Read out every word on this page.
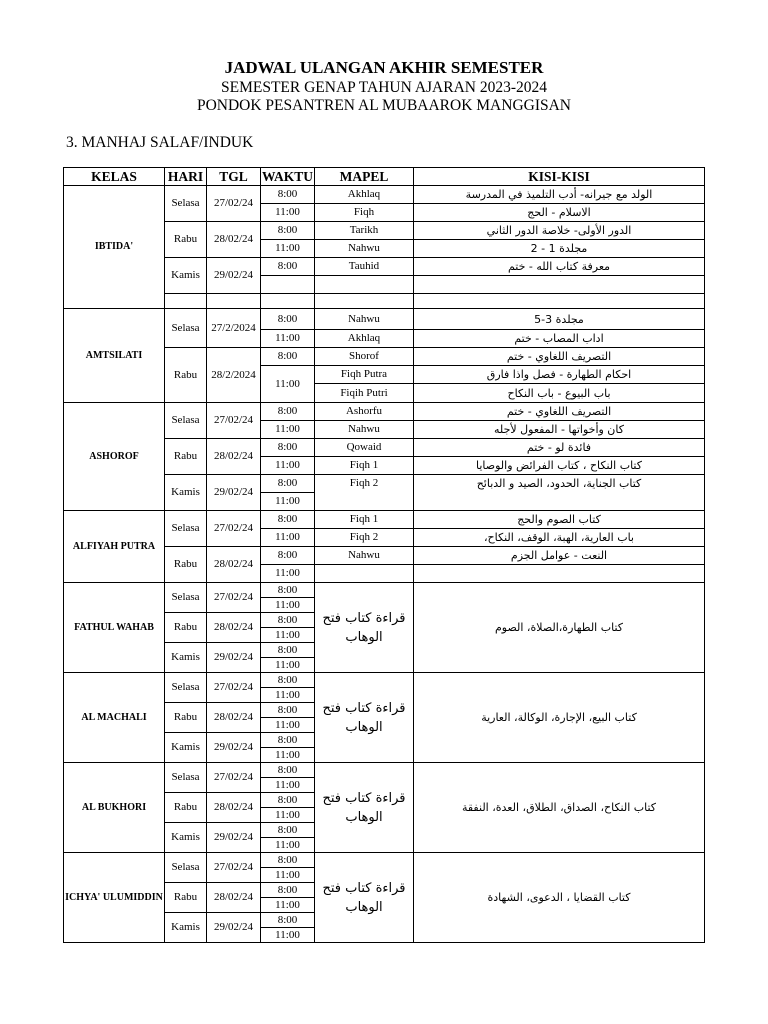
JADWAL ULANGAN AKHIR SEMESTER
SEMESTER GENAP TAHUN AJARAN 2023-2024
PONDOK PESANTREN AL MUBAAROK MANGGISAN
3. MANHAJ SALAF/INDUK
KELAS	HARI	TGL	WAKTU	MAPEL	KISI-KISI
IBTIDA'	Selasa	27/02/24	8:00	Akhlaq	الولد مع جيرانه- أدب التلميذ في المدرسة
			11:00	Fiqh	الاسلام - الحج
	Rabu	28/02/24	8:00	Tarikh	الدور الأولى- خلاصة الدور الثاني
			11:00	Nahwu	مجلدة 1 - 2
	Kamis	29/02/24	8:00	Tauhid	معرفة كتاب الله - ختم

AMTSILATI	Selasa	27/2/2024	8:00	Nahwu	مجلدة 3-5
			11:00	Akhlaq	اداب المصاب - ختم
	Rabu	28/2/2024	8:00	Shorof	التصريف اللغاوي - ختم
			11:00	Fiqh Putra	احكام الطهارة - فصل واذا فارق
				Fiqih Putri	باب البيوع - باب النكاح
ASHOROF	Selasa	27/02/24	8:00	Ashorfu	التصريف اللغاوي - ختم
			11:00	Nahwu	كان وأخواتها - المفعول لأجله
	Rabu	28/02/24	8:00	Qowaid	فائدة لو - ختم
			11:00	Fiqh 1	كتاب النكاح ، كتاب الفرائض والوصايا
	Kamis	29/02/24	8:00	Fiqh 2	كتاب الجناية، الحدود، الصيد و الدبائح
			11:00		
ALFIYAH PUTRA	Selasa	27/02/24	8:00	Fiqh 1	كتاب الصوم والحج
			11:00	Fiqh 2	باب العارية، الهبة، الوقف، النكاح،
	Rabu	28/02/24	8:00	Nahwu	النعت - عوامل الجزم
			11:00		
FATHUL WAHAB	Selasa	27/02/24	8:00	قراءة كتاب فتح الوهاب	كتاب الطهارة،الصلاة، الصوم
			11:00		
	Rabu	28/02/24	8:00		
			11:00		
	Kamis	29/02/24	8:00		
			11:00		
AL MACHALI	Selasa	27/02/24	8:00	قراءة كتاب فتح الوهاب	كتاب البيع، الإجارة، الوكالة، العارية
			11:00		
	Rabu	28/02/24	8:00		
			11:00		
	Kamis	29/02/24	8:00		
			11:00		
AL BUKHORI	Selasa	27/02/24	8:00	قراءة كتاب فتح الوهاب	كتاب النكاح، الصداق، الطلاق، العدة، النفقة
			11:00		
	Rabu	28/02/24	8:00		
			11:00		
	Kamis	29/02/24	8:00		
			11:00		
ICHYA' ULUMIDDIN	Selasa	27/02/24	8:00	قراءة كتاب فتح الوهاب	كتاب القضايا ، الدعوى، الشهادة
			11:00		
	Rabu	28/02/24	8:00		
			11:00		
	Kamis	29/02/24	8:00		
			11:00		
